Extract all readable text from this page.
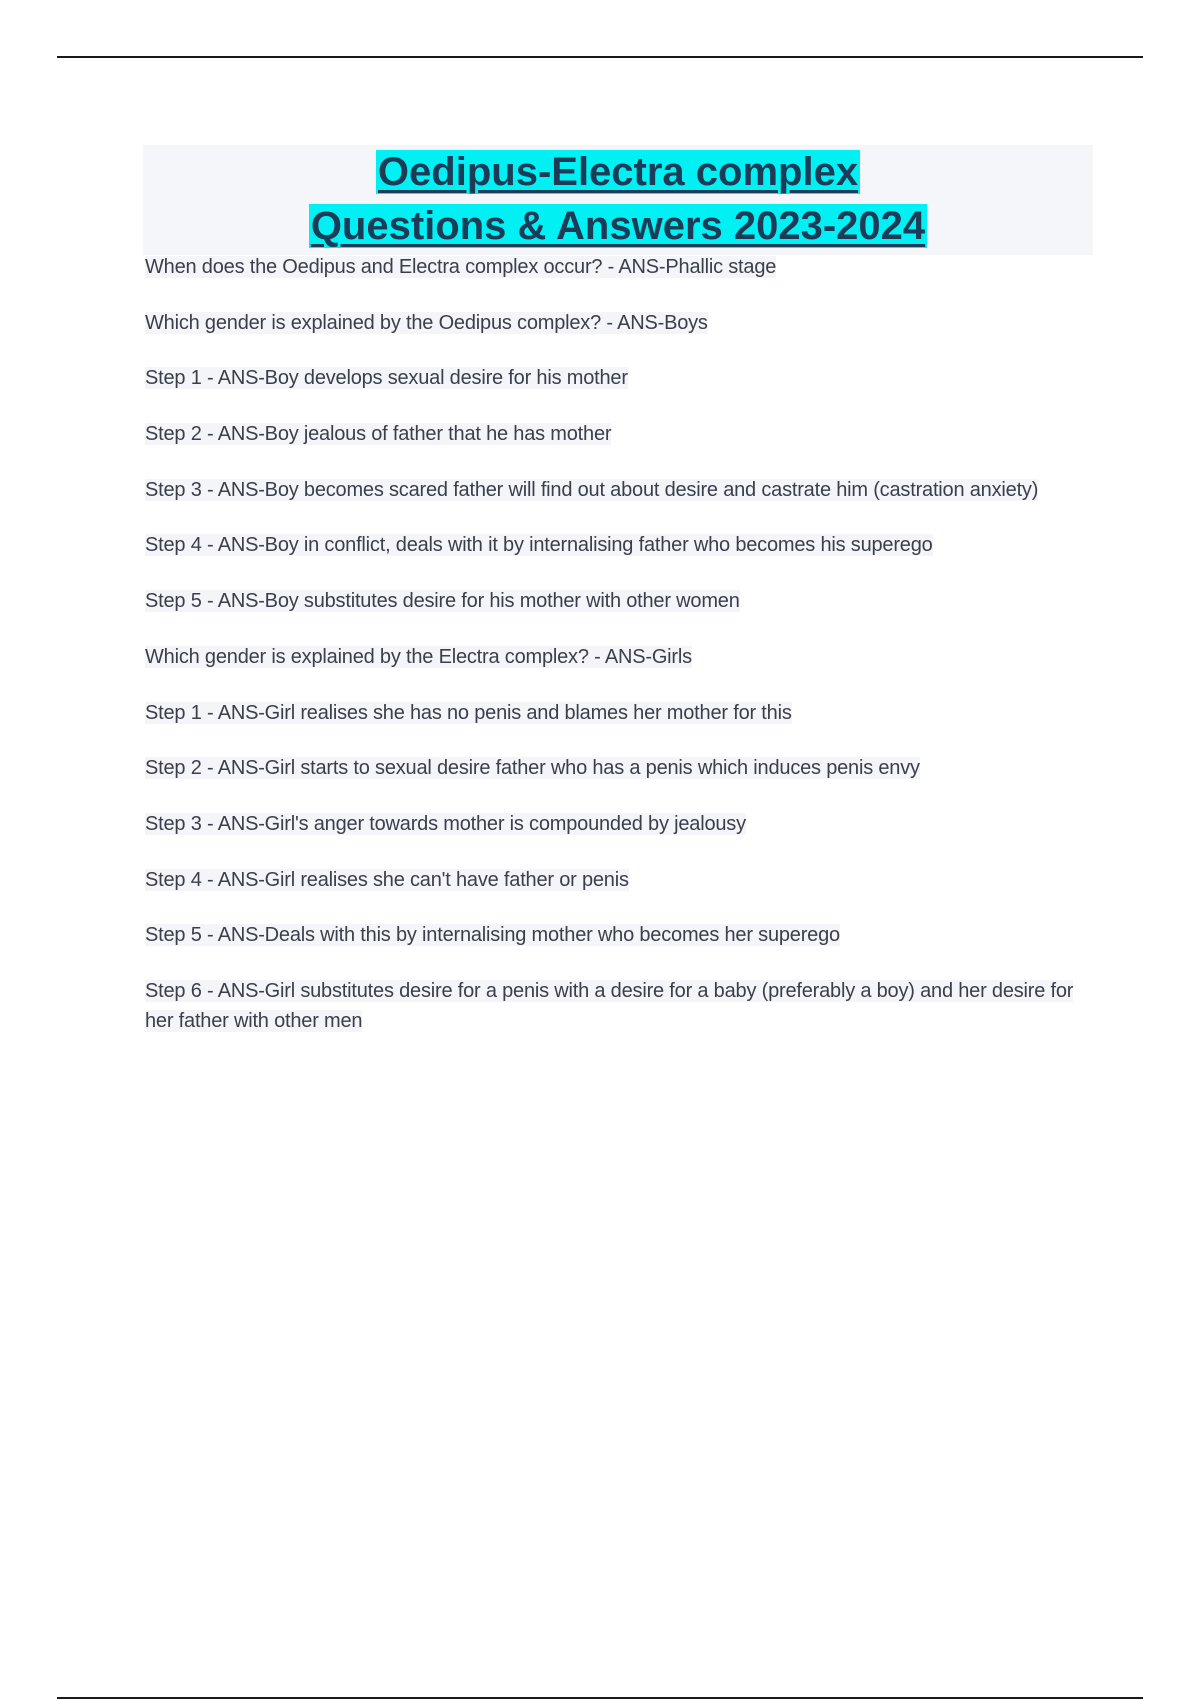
Oedipus-Electra complex
Questions & Answers 2023-2024
When does the Oedipus and Electra complex occur? - ANS-Phallic stage
Which gender is explained by the Oedipus complex? - ANS-Boys
Step 1 - ANS-Boy develops sexual desire for his mother
Step 2 - ANS-Boy jealous of father that he has mother
Step 3 - ANS-Boy becomes scared father will find out about desire and castrate him (castration anxiety)
Step 4 - ANS-Boy in conflict, deals with it by internalising father who becomes his superego
Step 5 - ANS-Boy substitutes desire for his mother with other women
Which gender is explained by the Electra complex? - ANS-Girls
Step 1 - ANS-Girl realises she has no penis and blames her mother for this
Step 2 - ANS-Girl starts to sexual desire father who has a penis which induces penis envy
Step 3 - ANS-Girl's anger towards mother is compounded by jealousy
Step 4 - ANS-Girl realises she can't have father or penis
Step 5 - ANS-Deals with this by internalising mother who becomes her superego
Step 6 - ANS-Girl substitutes desire for a penis with a desire for a baby (preferably a boy) and her desire for her father with other men
